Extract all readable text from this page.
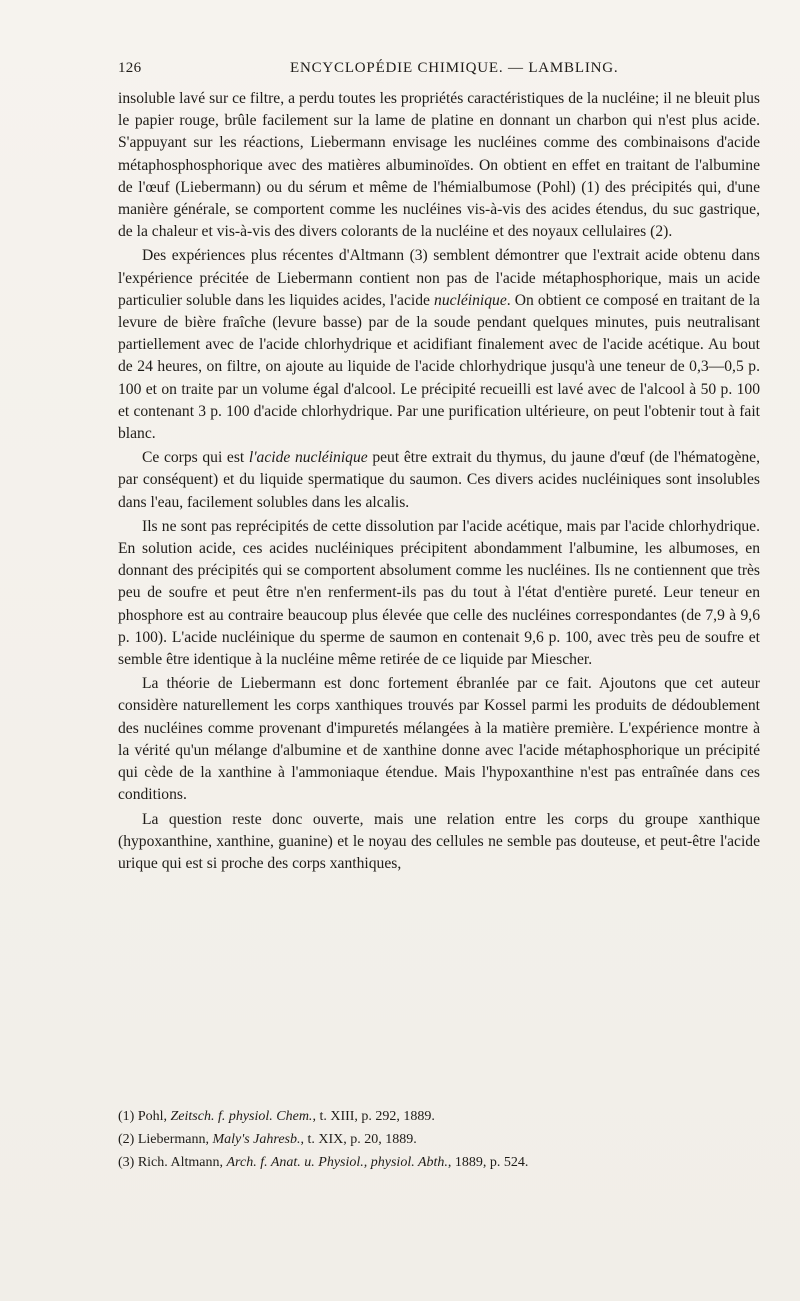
126	ENCYCLOPÉDIE CHIMIQUE. — LAMBLING.

insoluble lavé sur ce filtre, a perdu toutes les propriétés caractéristiques de la nucléine; il ne bleuit plus le papier rouge, brûle facilement sur la lame de platine en donnant un charbon qui n'est plus acide. S'appuyant sur les réactions, Liebermann envisage les nucléines comme des combinaisons d'acide métaphosphosphorique avec des matières albuminoïdes. On obtient en effet en traitant de l'albumine de l'œuf (Liebermann) ou du sérum et même de l'hémialbumose (Pohl) (1) des précipités qui, d'une manière générale, se comportent comme les nucléines vis-à-vis des acides étendus, du suc gastrique, de la chaleur et vis-à-vis des divers colorants de la nucléine et des noyaux cellulaires (2).

Des expériences plus récentes d'Altmann (3) semblent démontrer que l'extrait acide obtenu dans l'expérience précitée de Liebermann contient non pas de l'acide métaphosphorique, mais un acide particulier soluble dans les liquides acides, l'acide nucléinique. On obtient ce composé en traitant de la levure de bière fraîche (levure basse) par de la soude pendant quelques minutes, puis neutralisant partiellement avec de l'acide chlorhydrique et acidifiant finalement avec de l'acide acétique. Au bout de 24 heures, on filtre, on ajoute au liquide de l'acide chlorhydrique jusqu'à une teneur de 0,3—0,5 p. 100 et on traite par un volume égal d'alcool. Le précipité recueilli est lavé avec de l'alcool à 50 p. 100 et contenant 3 p. 100 d'acide chlorhydrique. Par une purification ultérieure, on peut l'obtenir tout à fait blanc.

Ce corps qui est l'acide nucléinique peut être extrait du thymus, du jaune d'œuf (de l'hématogène, par conséquent) et du liquide spermatique du saumon. Ces divers acides nucléiniques sont insolubles dans l'eau, facilement solubles dans les alcalis.

Ils ne sont pas reprécipités de cette dissolution par l'acide acétique, mais par l'acide chlorhydrique. En solution acide, ces acides nucléiniques précipitent abondamment l'albumine, les albumoses, en donnant des précipités qui se comportent absolument comme les nucléines. Ils ne contiennent que très peu de soufre et peut être n'en renferment-ils pas du tout à l'état d'entière pureté. Leur teneur en phosphore est au contraire beaucoup plus élevée que celle des nucléines correspondantes (de 7,9 à 9,6 p. 100). L'acide nucléinique du sperme de saumon en contenait 9,6 p. 100, avec très peu de soufre et semble être identique à la nucléine même retirée de ce liquide par Miescher.

La théorie de Liebermann est donc fortement ébranlée par ce fait. Ajoutons que cet auteur considère naturellement les corps xanthiques trouvés par Kossel parmi les produits de dédoublement des nucléines comme provenant d'impuretés mélangées à la matière première. L'expérience montre à la vérité qu'un mélange d'albumine et de xanthine donne avec l'acide métaphosphorique un précipité qui cède de la xanthine à l'ammoniaque étendue. Mais l'hypoxanthine n'est pas entraînée dans ces conditions.

La question reste donc ouverte, mais une relation entre les corps du groupe xanthique (hypoxanthine, xanthine, guanine) et le noyau des cellules ne semble pas douteuse, et peut-être l'acide urique qui est si proche des corps xanthiques,

(1) Pohl, Zeitsch. f. physiol. Chem., t. XIII, p. 292, 1889.
(2) Liebermann, Maly's Jahresb., t. XIX, p. 20, 1889.
(3) Rich. Altmann, Arch. f. Anat. u. Physiol., physiol. Abth., 1889, p. 524.
